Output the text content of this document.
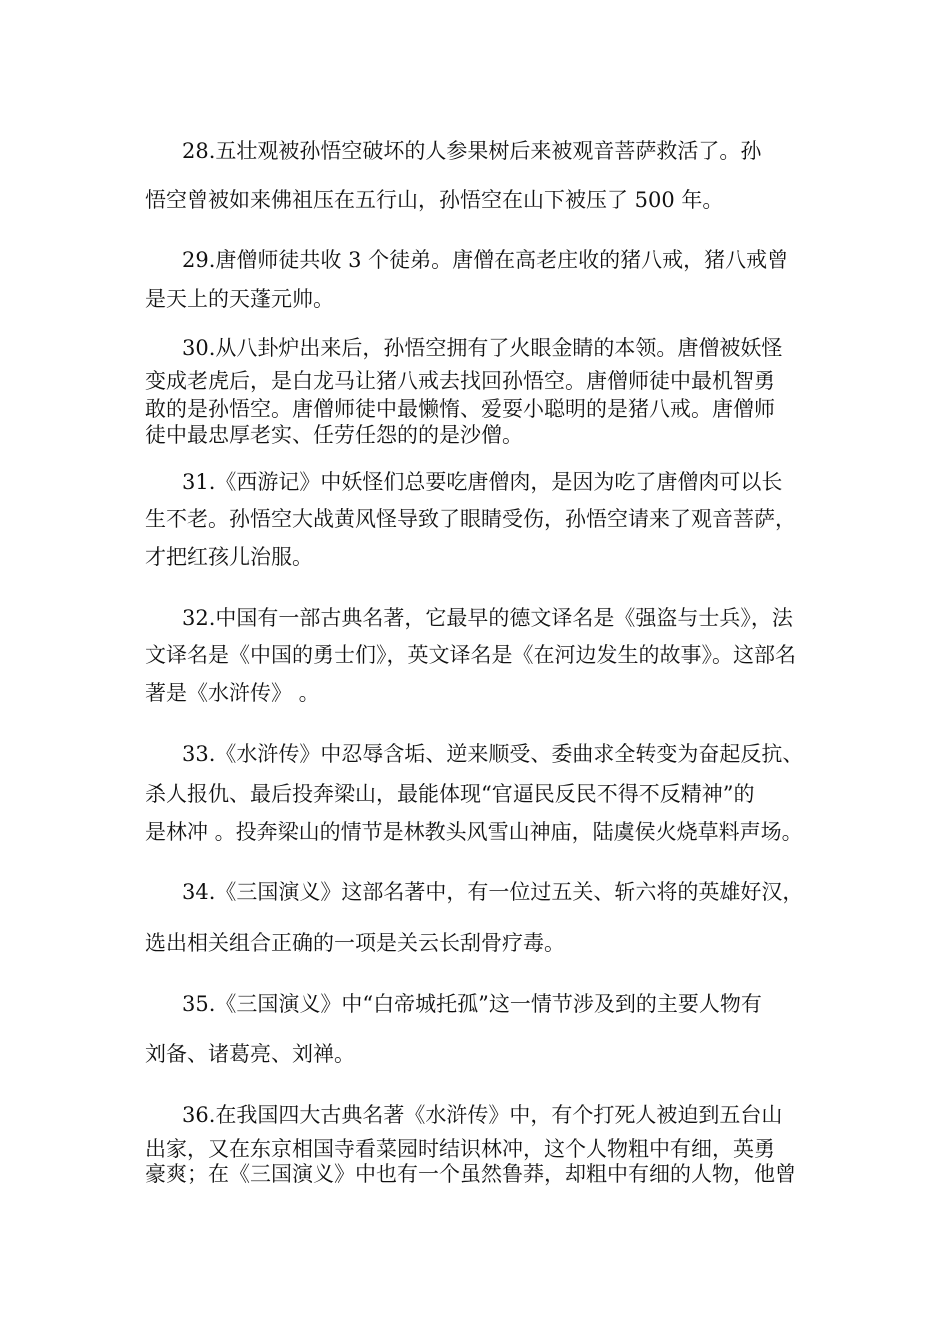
28.五壮观被孙悟空破坏的人参果树后来被观音菩萨救活了。孙
悟空曾被如来佛祖压在五行山，孙悟空在山下被压了 500 年。
29.唐僧师徒共收 3 个徒弟。唐僧在高老庄收的猪八戒，猪八戒曾
是天上的天蓬元帅。
30.从八卦炉出来后，孙悟空拥有了火眼金睛的本领。唐僧被妖怪
变成老虎后，是白龙马让猪八戒去找回孙悟空。唐僧师徒中最机智勇
敢的是孙悟空。唐僧师徒中最懒惰、爱耍小聪明的是猪八戒。唐僧师
徒中最忠厚老实、任劳任怨的的是沙僧。
31.《西游记》中妖怪们总要吃唐僧肉，是因为吃了唐僧肉可以长
生不老。孙悟空大战黄风怪导致了眼睛受伤，孙悟空请来了观音菩萨，
才把红孩儿治服。
32.中国有一部古典名著，它最早的德文译名是《强盗与士兵》，法
文译名是《中国的勇士们》，英文译名是《在河边发生的故事》。这部名
著是《水浒传》 。
33.《水浒传》中忍辱含垢、逆来顺受、委曲求全转变为奋起反抗、
杀人报仇、最后投奔梁山，最能体现“官逼民反民不得不反精神”的
是林冲 。投奔梁山的情节是林教头风雪山神庙，陆虞侯火烧草料声场。
34.《三国演义》这部名著中，有一位过五关、斩六将的英雄好汉，
选出相关组合正确的一项是关云长刮骨疗毒。
35.《三国演义》中“白帝城托孤”这一情节涉及到的主要人物有
刘备、诸葛亮、刘禅。
36.在我国四大古典名著《水浒传》中，有个打死人被迫到五台山
出家，又在东京相国寺看菜园时结识林冲，这个人物粗中有细，英勇
豪爽；在《三国演义》中也有一个虽然鲁莽，却粗中有细的人物，他曾
